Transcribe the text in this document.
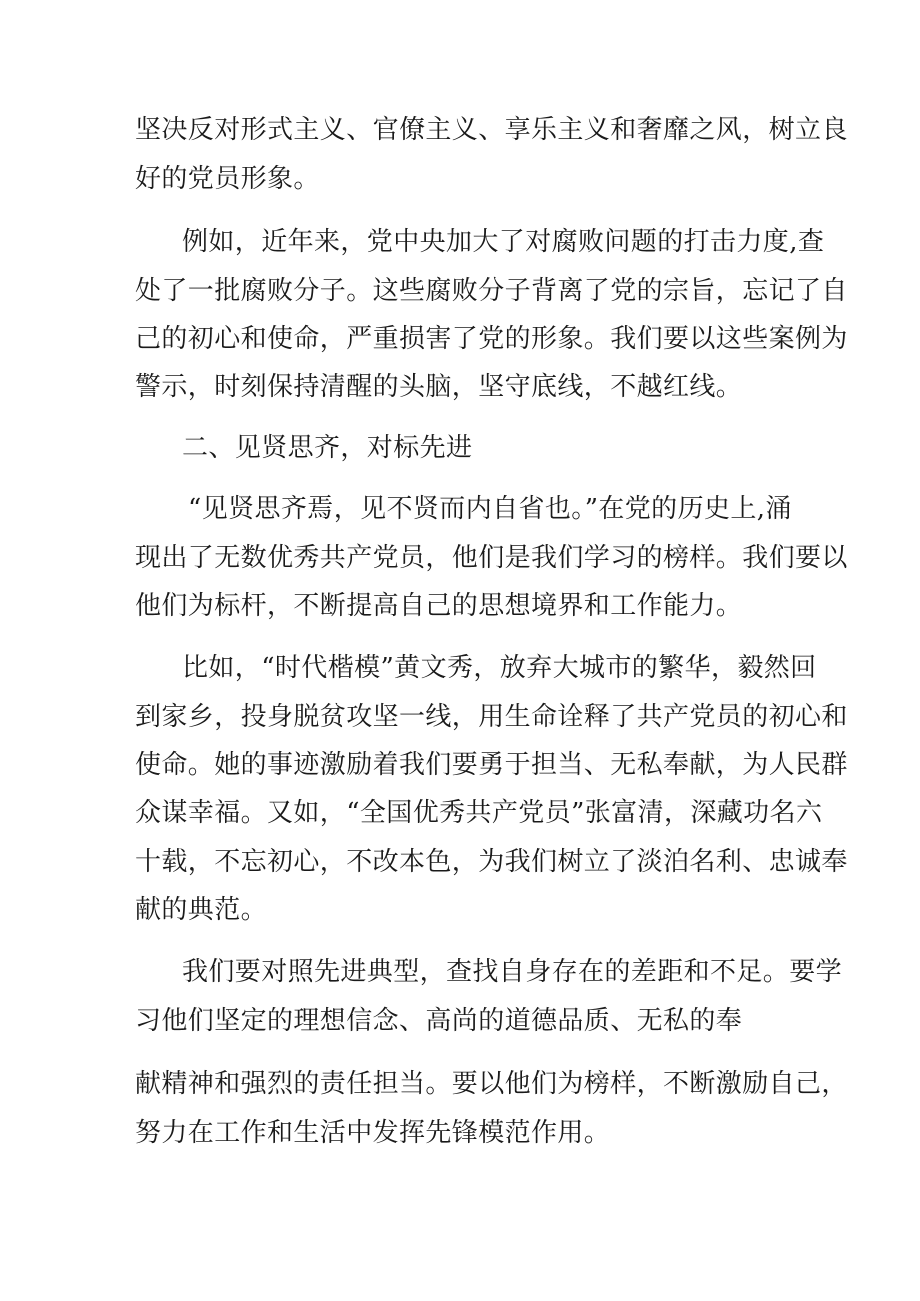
坚决反对形式主义、官僚主义、享乐主义和奢靡之风，树立良
好的党员形象。
例如，近年来，党中央加大了对腐败问题的打击力度,查
处了一批腐败分子。这些腐败分子背离了党的宗旨，忘记了自
己的初心和使命，严重损害了党的形象。我们要以这些案例为
警示，时刻保持清醒的头脑，坚守底线，不越红线。
二、见贤思齐，对标先进
“见贤思齐焉，见不贤而内自省也。”在党的历史上,涌
现出了无数优秀共产党员，他们是我们学习的榜样。我们要以
他们为标杆，不断提高自己的思想境界和工作能力。
比如，“时代楷模”黄文秀，放弃大城市的繁华，毅然回
到家乡，投身脱贫攻坚一线，用生命诠释了共产党员的初心和
使命。她的事迹激励着我们要勇于担当、无私奉献，为人民群
众谋幸福。又如，“全国优秀共产党员”张富清，深藏功名六
十载，不忘初心，不改本色，为我们树立了淡泊名利、忠诚奉
献的典范。
我们要对照先进典型，查找自身存在的差距和不足。要学
习他们坚定的理想信念、高尚的道德品质、无私的奉
献精神和强烈的责任担当。要以他们为榜样，不断激励自己，
努力在工作和生活中发挥先锋模范作用。
